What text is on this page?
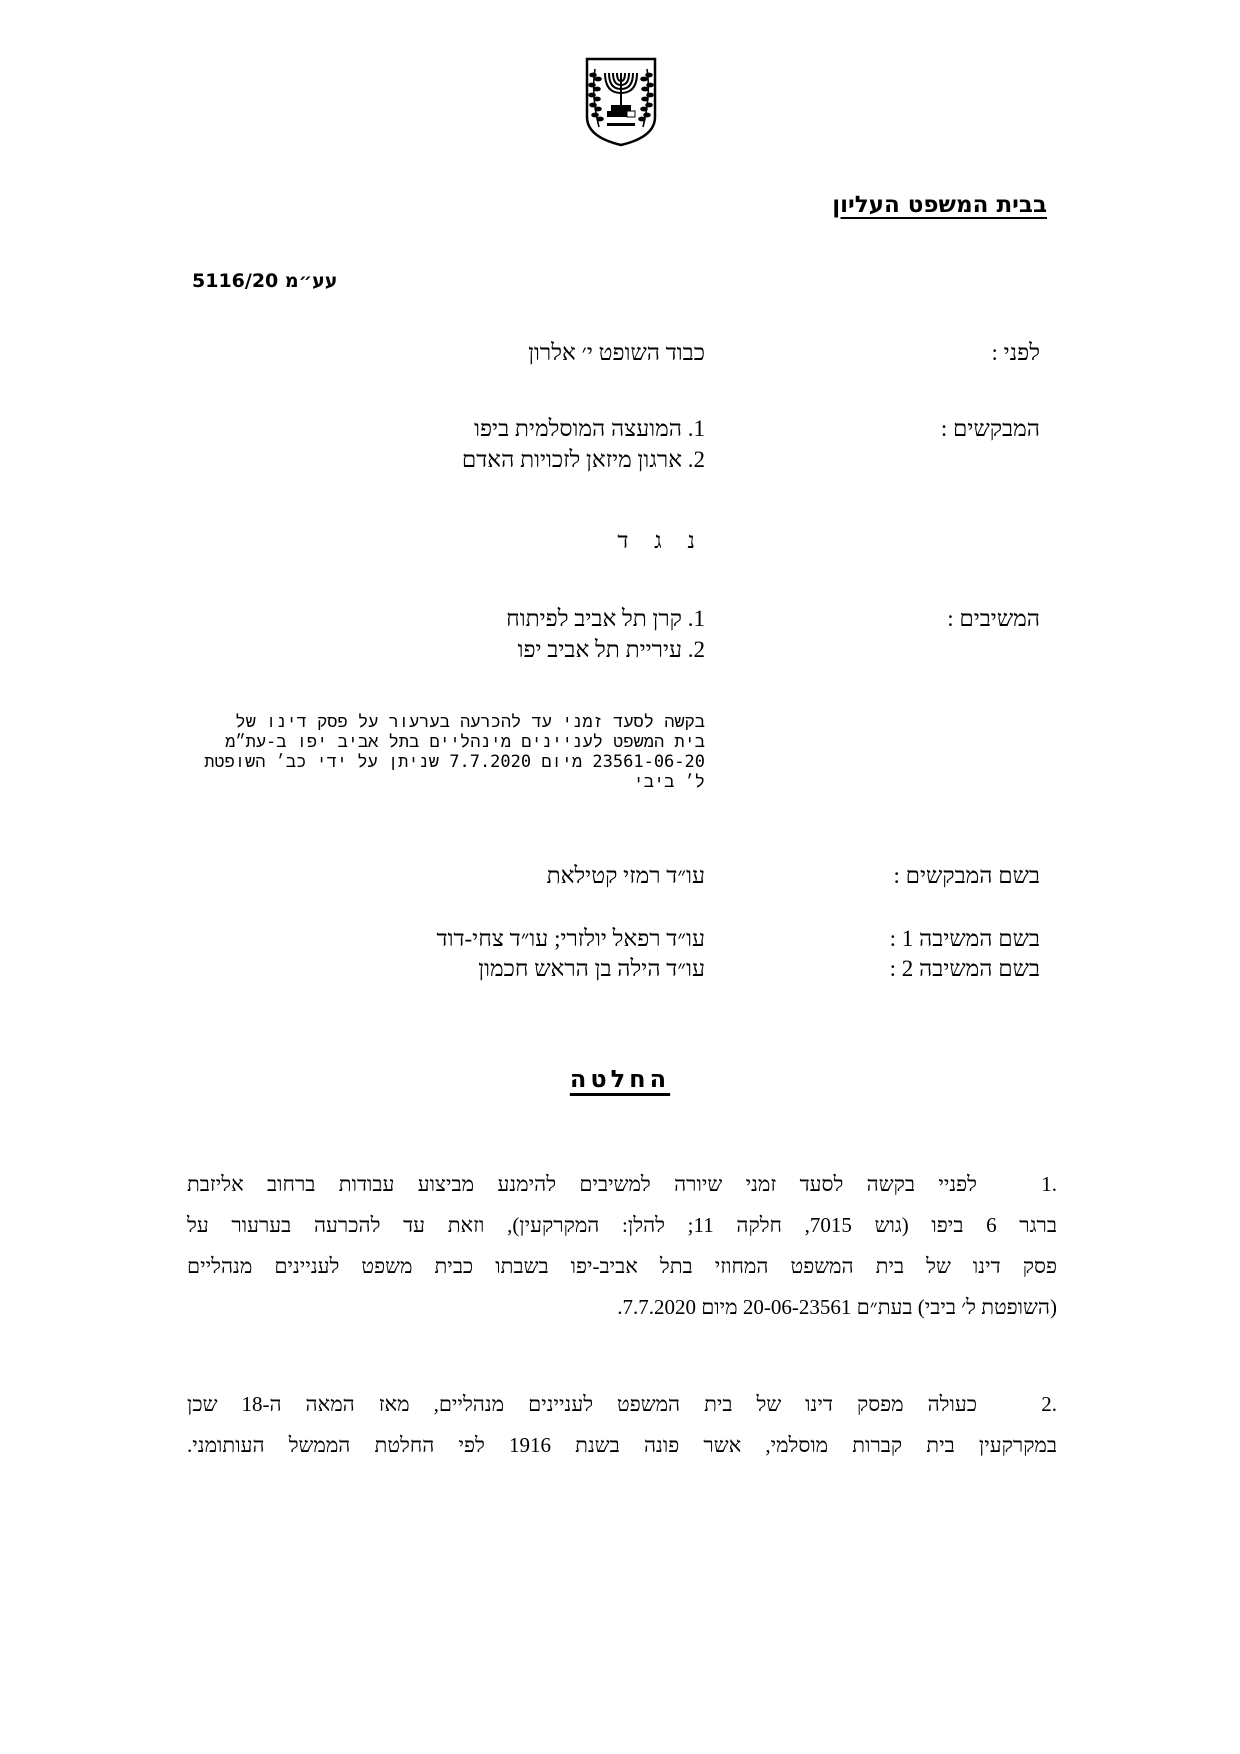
בבית המשפט העליון
עע״מ 5116/20
לפני :
כבוד השופט י׳ אלרון
המבקשים :
1. המועצה המוסלמית ביפו
2. ארגון מיזאן לזכויות האדם
נ ג ד
המשיבים :
1. קרן תל אביב לפיתוח
2. עיריית תל אביב יפו
בקשה לסעד זמני עד להכרעה בערעור על פסק דינו של
בית המשפט לעניינים מינהליים בתל אביב יפו ב-עת״מ
23561-06-20 מיום 7.7.2020 שניתן על ידי כב׳ השופטת
ל׳ ביבי
בשם המבקשים :
עו״ד רמזי קטילאת
בשם המשיבה 1 :
עו״ד רפאל יולזרי; עו״ד צחי-דוד
בשם המשיבה 2 :
עו״ד הילה בן הראש חכמון
החלטה
.1לפניי בקשה לסעד זמני שיורה למשיבים להימנע מביצוע עבודות ברחוב אליזבת
ברגר 6 ביפו (גוש 7015, חלקה 11; להלן: המקרקעין), וזאת עד להכרעה בערעור על
פסק דינו של בית המשפט המחוזי בתל אביב-יפו בשבתו כבית משפט לעניינים מנהליים
(השופטת ל׳ ביבי) בעת״ם 20-06-23561 מיום 7.7.2020.
.2כעולה מפסק דינו של בית המשפט לעניינים מנהליים, מאז המאה ה-18 שכן
במקרקעין בית קברות מוסלמי, אשר פונה בשנת 1916 לפי החלטת הממשל העותומני.
